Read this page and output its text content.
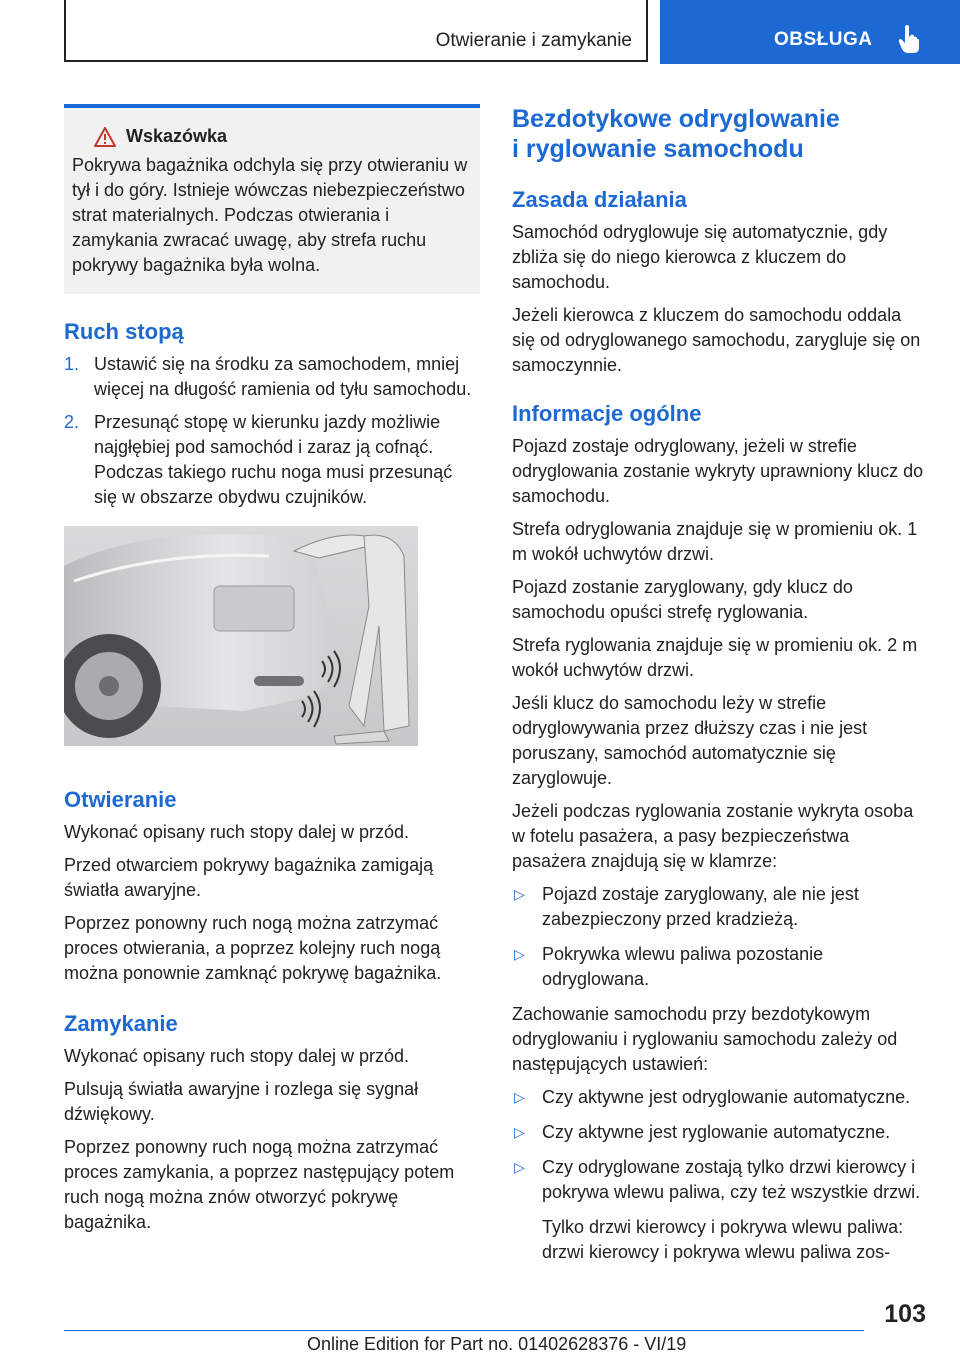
Otwieranie i zamykanie	OBSŁUGA
Wskazówka

Pokrywa bagażnika odchyla się przy otwieraniu w tył i do góry. Istnieje wówczas niebezpieczeństwo strat materialnych. Podczas otwierania i zamykania zwracać uwagę, aby strefa ruchu pokrywy bagażnika była wolna.

Ruch stopą
1. Ustawić się na środku za samochodem, mniej więcej na długość ramienia od tyłu samochodu.
2. Przesunąć stopę w kierunku jazdy możliwie najgłębiej pod samochód i zaraz ją cofnąć. Podczas takiego ruchu noga musi przesunąć się w obszarze obydwu czujników.
Otwieranie

Wykonać opisany ruch stopy dalej w przód.

Przed otwarciem pokrywy bagażnika zamigają światła awaryjne.

Poprzez ponowny ruch nogą można zatrzymać proces otwierania, a poprzez kolejny ruch nogą można ponownie zamknąć pokrywę bagażnika.

Zamykanie

Wykonać opisany ruch stopy dalej w przód.

Pulsują światła awaryjne i rozlega się sygnał dźwiękowy.

Poprzez ponowny ruch nogą można zatrzymać proces zamykania, a poprzez następujący potem ruch nogą można znów otworzyć pokrywę bagażnika.

Bezdotykowe odryglowanie
i ryglowanie samochodu
Zasada działania

Samochód odryglowuje się automatycznie, gdy zbliża się do niego kierowca z kluczem do samochodu.

Jeżeli kierowca z kluczem do samochodu oddala się od odryglowanego samochodu, zarygluje się on samoczynnie.

Informacje ogólne

Pojazd zostaje odryglowany, jeżeli w strefie odryglowania zostanie wykryty uprawniony klucz do samochodu.

Strefa odryglowania znajduje się w promieniu ok. 1 m wokół uchwytów drzwi.

Pojazd zostanie zaryglowany, gdy klucz do samochodu opuści strefę ryglowania.

Strefa ryglowania znajduje się w promieniu ok. 2 m wokół uchwytów drzwi.

Jeśli klucz do samochodu leży w strefie odryglowywania przez dłuższy czas i nie jest poruszany, samochód automatycznie się zaryglowuje.

Jeżeli podczas ryglowania zostanie wykryta osoba w fotelu pasażera, a pasy bezpieczeństwa pasażera znajdują się w klamrze:

▷ Pojazd zostaje zaryglowany, ale nie jest zabezpieczony przed kradzieżą.
▷ Pokrywka wlewu paliwa pozostanie odryglowana.

Zachowanie samochodu przy bezdotykowym odryglowaniu i ryglowaniu samochodu zależy od następujących ustawień:

▷ Czy aktywne jest odryglowanie automatyczne.
▷ Czy aktywne jest ryglowanie automatyczne.
▷ Czy odryglowane zostają tylko drzwi kierowcy i pokrywa wlewu paliwa, czy też wszystkie drzwi.

Tylko drzwi kierowcy i pokrywa wlewu paliwa: drzwi kierowcy i pokrywa wlewu paliwa zos-

103
Online Edition for Part no. 01402628376 - VI/19
